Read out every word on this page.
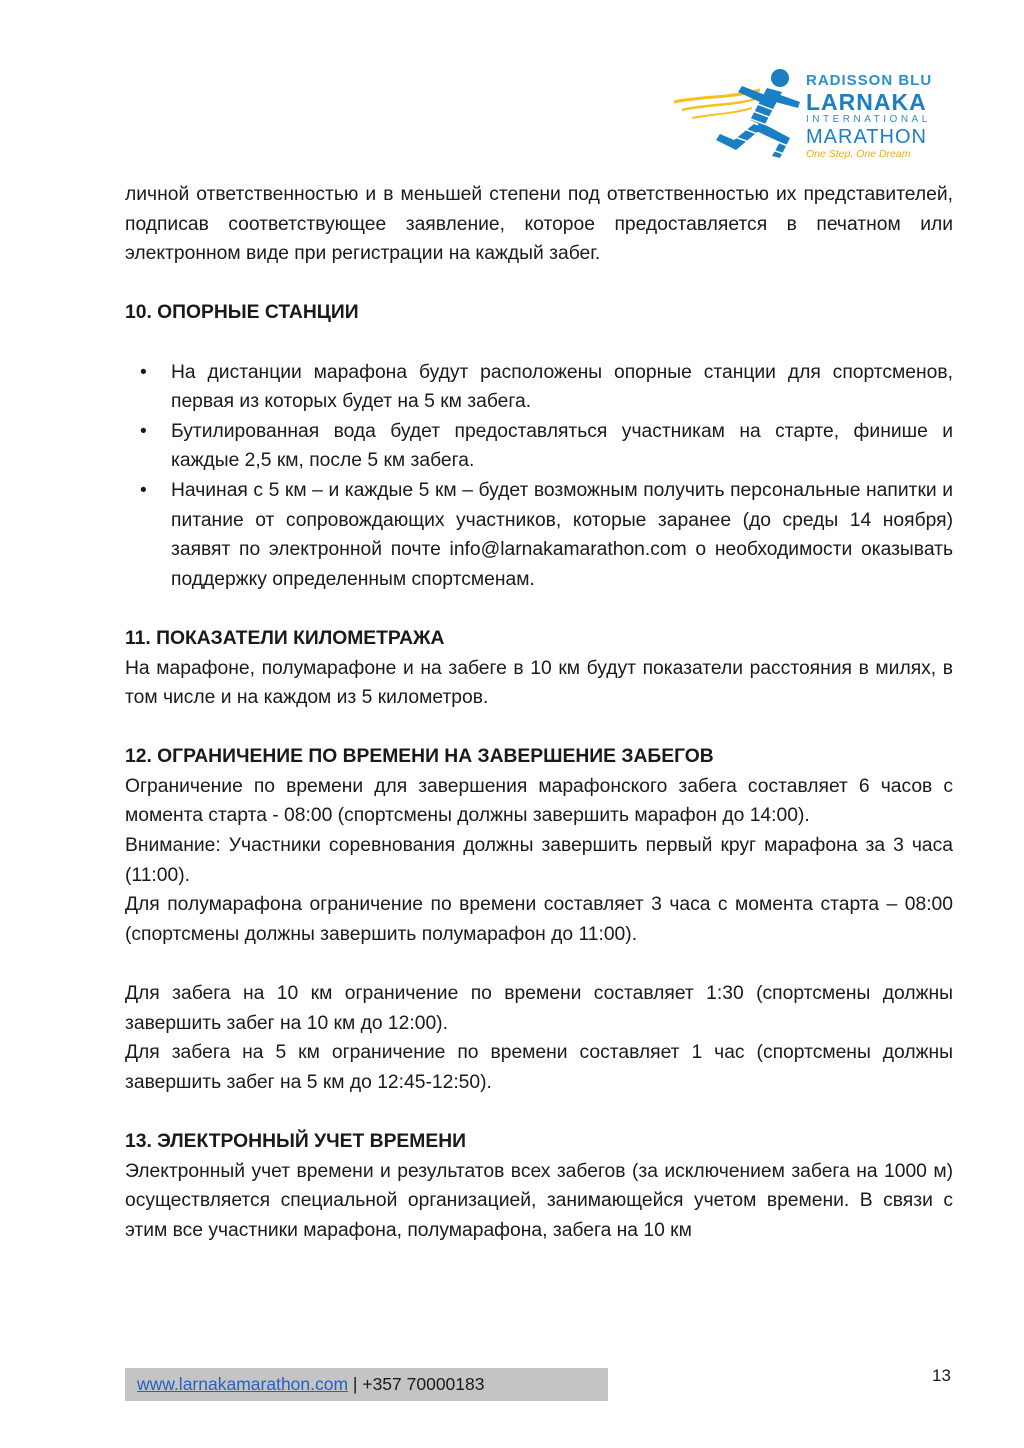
RADISSON BLU
LARNAKA
INTERNATIONAL
MARATHON
One Step, One Dream

личной ответственностью и в меньшей степени под ответственностью их представителей, подписав соответствующее заявление, которое предоставляется в печатном или электронном виде при регистрации на каждый забег.

10. ОПОРНЫЕ СТАНЦИИ
• На дистанции марафона будут расположены опорные станции для спортсменов, первая из которых будет на 5 км забега.
• Бутилированная вода будет предоставляться участникам на старте, финише и каждые 2,5 км, после 5 км забега.
• Начиная с 5 км – и каждые 5 км – будет возможным получить персональные напитки и питание от сопровождающих участников, которые заранее (до среды 14 ноября) заявят по электронной почте info@larnakamarathon.com о необходимости оказывать поддержку определенным спортсменам.
11. ПОКАЗАТЕЛИ КИЛОМЕТРАЖА

На марафоне, полумарафоне и на забеге в 10 км будут показатели расстояния в милях, в том числе и на каждом из 5 километров.

12. ОГРАНИЧЕНИЕ ПО ВРЕМЕНИ НА ЗАВЕРШЕНИЕ ЗАБЕГОВ

Ограничение по времени для завершения марафонского забега составляет 6 часов с момента старта - 08:00 (спортсмены должны завершить марафон до 14:00).

Внимание: Участники соревнования должны завершить первый круг марафона за 3 часа (11:00).

Для полумарафона ограничение по времени составляет 3 часа с момента старта – 08:00 (спортсмены должны завершить полумарафон до 11:00).

Для забега на 10 км ограничение по времени составляет 1:30 (спортсмены должны завершить забег на 10 км до 12:00).

Для забега на 5 км ограничение по времени составляет 1 час (спортсмены должны завершить забег на 5 км до 12:45-12:50).

13. ЭЛЕКТРОННЫЙ УЧЕТ ВРЕМЕНИ

Электронный учет времени и результатов всех забегов (за исключением забега на 1000 м) осуществляется специальной организацией, занимающейся учетом времени. В связи с этим все участники марафона, полумарафона, забега на 10 км

www.larnakamarathon.com | +357 70000183	13
